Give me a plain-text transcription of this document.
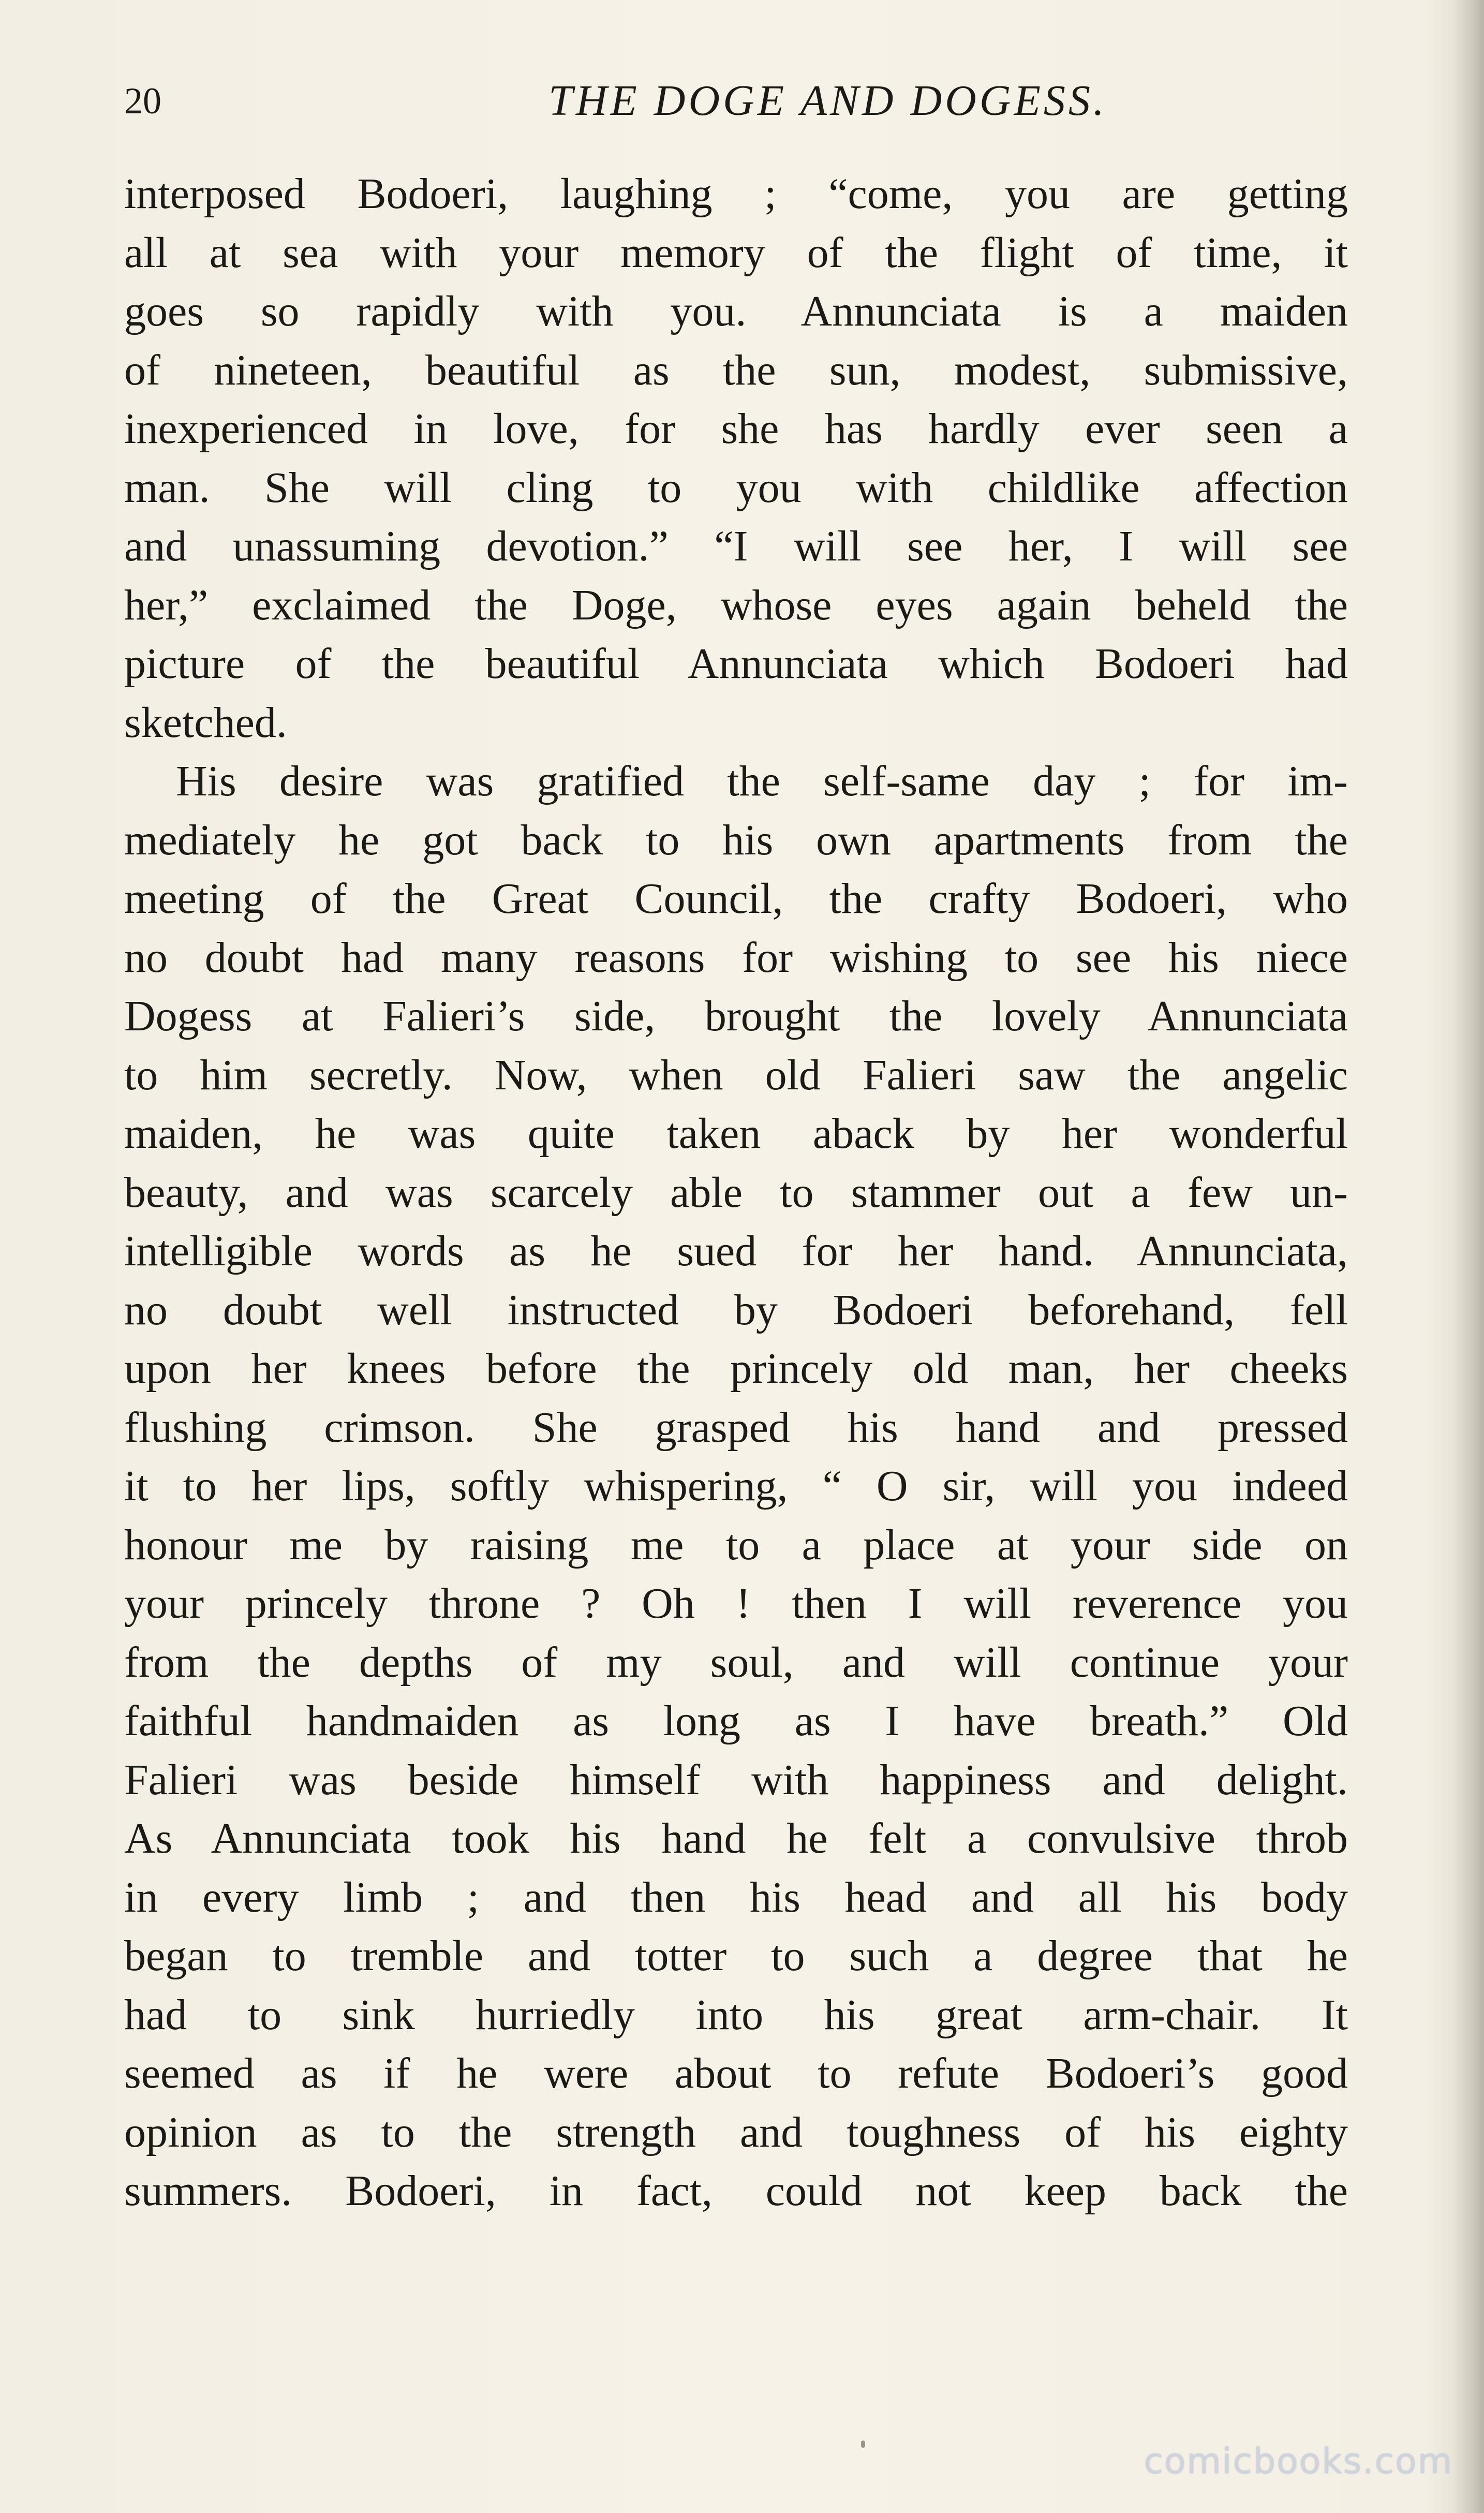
20	THE DOGE AND DOGESS.
interposed Bodoeri, laughing ; “come, you are getting
all at sea with your memory of the flight of time, it
goes so rapidly with you. Annunciata is a maiden
of nineteen, beautiful as the sun, modest, submissive,
inexperienced in love, for she has hardly ever seen a
man. She will cling to you with childlike affection
and unassuming devotion.” “I will see her, I will see
her,” exclaimed the Doge, whose eyes again beheld the
picture of the beautiful Annunciata which Bodoeri had
sketched.
His desire was gratified the self-same day ; for im-
mediately he got back to his own apartments from the
meeting of the Great Council, the crafty Bodoeri, who
no doubt had many reasons for wishing to see his niece
Dogess at Falieri’s side, brought the lovely Annunciata
to him secretly. Now, when old Falieri saw the angelic
maiden, he was quite taken aback by her wonderful
beauty, and was scarcely able to stammer out a few un-
intelligible words as he sued for her hand. Annunciata,
no doubt well instructed by Bodoeri beforehand, fell
upon her knees before the princely old man, her cheeks
flushing crimson. She grasped his hand and pressed
it to her lips, softly whispering, “ O sir, will you indeed
honour me by raising me to a place at your side on
your princely throne ? Oh ! then I will reverence you
from the depths of my soul, and will continue your
faithful handmaiden as long as I have breath.” Old
Falieri was beside himself with happiness and delight.
As Annunciata took his hand he felt a convulsive throb
in every limb ; and then his head and all his body
began to tremble and totter to such a degree that he
had to sink hurriedly into his great arm-chair. It
seemed as if he were about to refute Bodoeri’s good
opinion as to the strength and toughness of his eighty
summers. Bodoeri, in fact, could not keep back the
comicbooks.com
